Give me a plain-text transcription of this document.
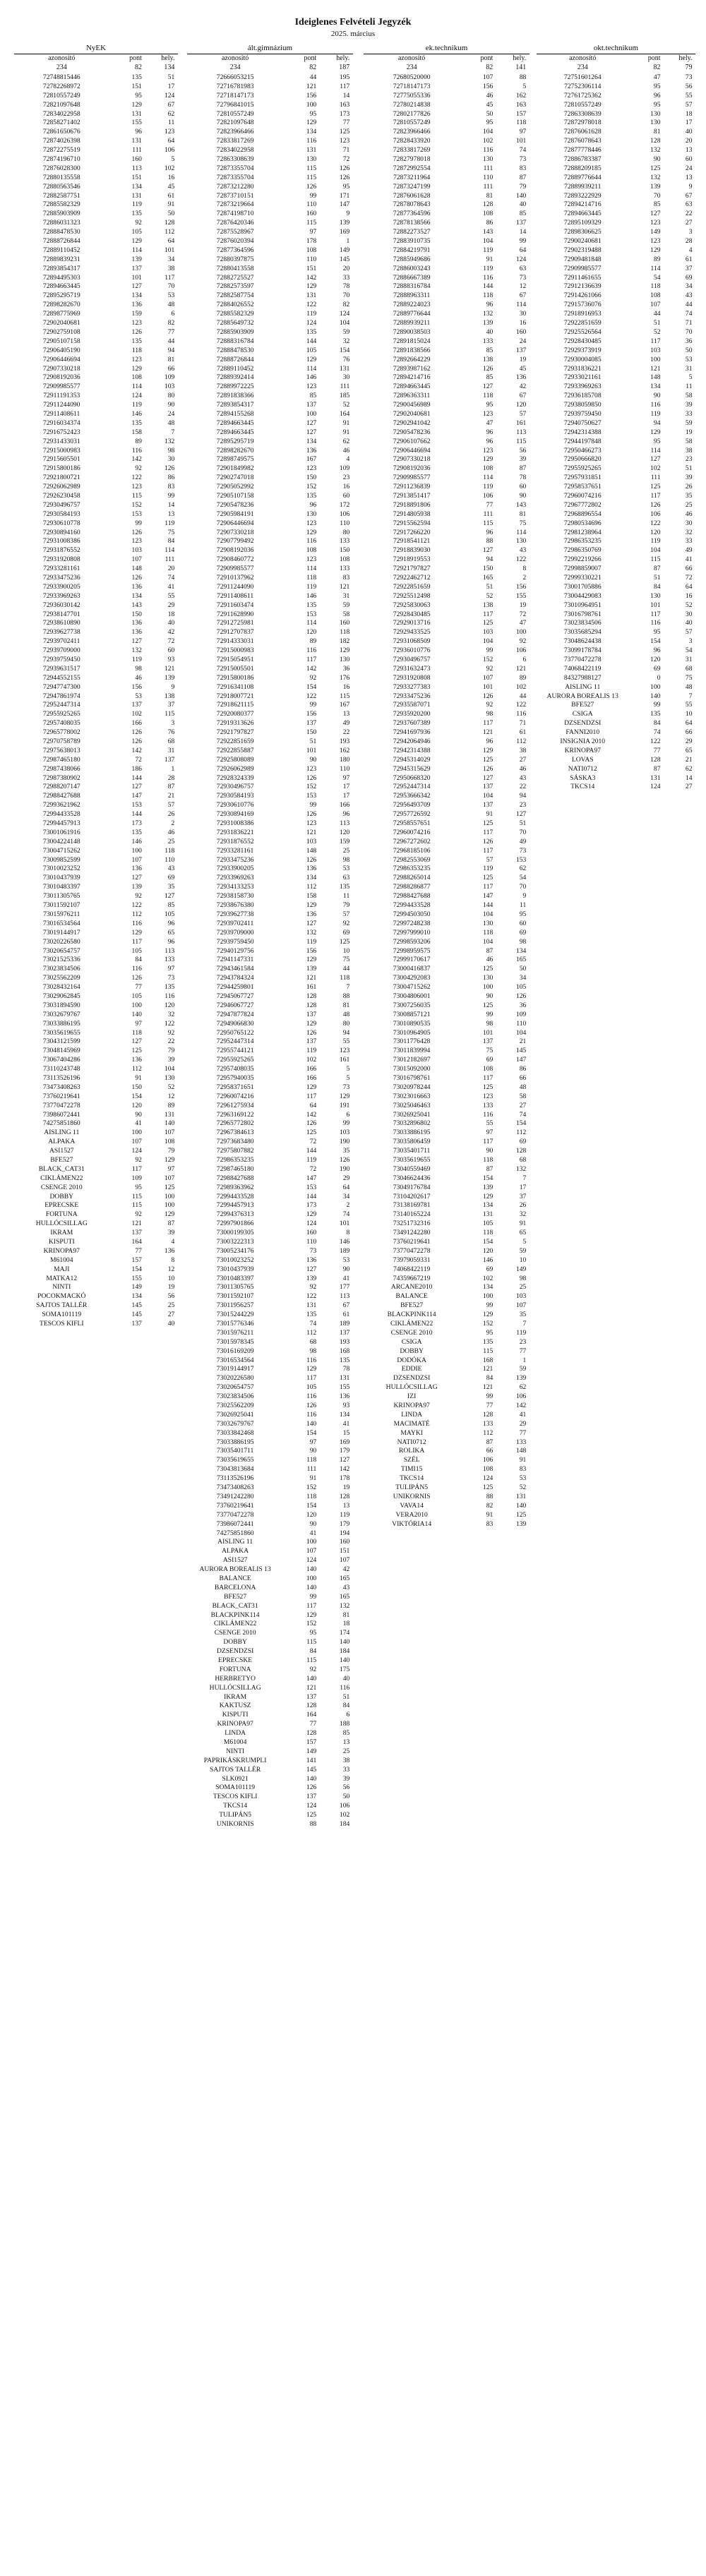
Ideiglenes Felvételi Jegyzék
2025. március
NyEK
azonosító	pont	hely.
234	82	134
72748815446	135	51
72782268972	151	17
72810557249	95	124
72821097648	129	67
72834022958	131	62
72858271402	155	11
72861650676	96	123
72874026398	131	64
72872275519	111	106
72874196710	160	5
72876028300	113	102
72880135558	151	16
72880563546	134	45
72882587751	131	61
72885582329	119	91
72885903909	135	50
72886031323	92	128
72888478530	105	112
72888726844	129	64
72889110452	114	101
72889839231	139	34
72893854317	137	38
72894495303	101	117
72894663445	127	70
72895295719	134	53
72898282670	136	48
72898775969	159	6
72902040681	123	82
72902759108	126	77
72905107158	135	44
72906405190	118	94
72906446694	123	81
72907330218	129	66
72908192036	108	109
72909985577	114	103
72911191353	124	80
72911244090	119	90
72911408611	146	24
72916034374	135	48
72916752423	158	7
72931433031	89	132
72915000983	116	98
72915605501	142	30
72915800186	92	126
72921800721	122	86
72926062989	123	83
72926230458	115	99
72930496757	152	14
72930584193	153	13
72930610778	99	119
72930894160	126	75
72931008386	123	84
72931876552	103	114
72931920808	107	111
72933281161	148	20
72933475236	126	74
72933900205	136	41
72933969263	134	55
72936030142	143	29
72938147701	150	18
72938610890	136	40
72939627738	136	42
72939702411	127	72
72939709000	132	60
72939759450	119	93
72939631517	98	121
72944552155	46	139
72947747300	156	9
72947861974	53	138
72952447314	137	37
72955925265	102	115
72957408035	166	3
72965778002	126	76
72970758789	126	68
72975638013	142	31
72987465180	72	137
72987438066	186	1
72987380902	144	28
72988207147	127	87
72988427688	147	21
72993621962	153	57
72994433528	144	26
72994457913	173	2
73001061916	135	46
73004224148	146	25
73004715262	100	118
73009852599	107	110
73010023252	136	43
73010437939	127	69
73010483397	139	35
73011305765	92	127
73011592107	122	85
73015976211	112	105
73016534564	116	96
73019144917	129	65
73020226580	117	96
73020654757	105	113
73021525336	84	133
73023834506	116	97
73025562209	126	73
73028432164	77	135
73029062845	105	116
73031894590	100	120
73032679767	140	32
73033886195	97	122
73035619655	118	92
73043121599	127	22
73048145969	125	79
73067404286	136	39
73110243748	112	104
73113526196	91	130
73473408263	150	52
73760219641	154	12
73770472278	120	89
73986072441	90	131
74275851860	41	140
AISLING 11	100	107
ALPAKA	107	108
ASI1527	124	79
BFE527	92	129
BLACK_CAT31	117	97
CIKLÁMEN22	109	107
CSENGE 2010	95	125
DOBBY	115	100
EPRECSKE	115	100
FORTUNA	92	129
HULLÓCSILLAG	121	87
IKRAM	137	39
KISPUTI	164	4
KRINOPA97	77	136
M61004	157	8
MAJI	154	12
MATKA12	155	10
NINTI	149	19
POCOKMACKÓ	134	56
SAJTOS TALLÉR	145	25
SOMA101119	145	27
TESCOS KIFLI	137	40
ált.gimnázium
azonosító	pont	hely.
234	82	187
72666053215	44	195
72716781983	121	117
72718147173	156	14
72796841015	100	163
72810557249	95	173
72821097648	129	77
72823966466	134	125
72833817269	116	123
72834022958	131	71
72863308639	130	72
72873355704	115	126
72873355704	115	126
72873212280	126	95
72873710151	99	171
72873219664	110	147
72874198710	160	9
72876420346	115	139
72875528967	97	169
72876020394	178	1
72877364596	108	149
72880397875	110	145
72880413558	151	20
72882725527	142	33
72882573597	129	78
72882587754	131	70
72884026552	122	82
72885582329	119	124
72885649732	124	104
72885903909	135	59
72888316784	144	32
72888478530	105	154
72888726844	129	76
72889110452	114	131
72889392414	146	30
72889972225	123	111
72891838366	85	185
72893854317	137	52
72894155268	100	164
72894663445	127	91
72894663445	127	91
72895295719	134	62
72898282670	136	46
72898749575	167	4
72901849982	123	109
72902747018	150	23
72905052992	152	16
72905107158	135	60
72905478236	96	172
72905984191	130	106
72906446694	123	110
72907330218	129	80
72907799492	116	133
72908192036	108	150
72908460772	123	108
72909985577	114	133
72910137962	118	83
72911244090	119	121
72911408611	146	31
72911603474	135	59
72911628990	153	58
72912725981	114	160
72912707837	120	118
72914333031	89	182
72915000983	116	129
72915054951	117	130
72915005501	142	36
72915800186	92	176
72916341108	154	16
72918007721	122	115
72918621115	99	167
72920080377	156	13
72919313626	137	49
72921797827	150	22
72922851659	51	193
72922855887	101	162
72925808089	90	180
72926062989	123	110
72928324339	126	97
72930496757	152	17
72930584193	153	17
72930610776	99	166
72930894169	126	96
72931008386	123	113
72931836221	121	120
72931876552	103	159
72933281161	148	25
72933475236	126	98
72933900205	136	53
72933969263	134	63
72934133253	112	135
72938158730	158	11
72938676380	129	79
72939627738	136	57
72939702411	127	92
72939709000	132	69
72939759450	119	125
72940129756	156	10
72941147331	129	75
72943461584	139	44
72943784324	121	118
72944259801	161	7
72945067727	128	88
72946067727	128	81
72947877824	137	48
72949066830	129	80
72950765122	126	94
72952447314	137	55
72955744121	119	123
72955925265	102	161
72957408035	166	5
72957940035	166	5
72958371651	129	73
72960074216	117	129
72961275934	64	191
72963169122	142	6
72965772802	126	99
72967384613	125	103
72973683480	72	190
72975807882	144	35
72986353235	119	126
72987465180	72	190
72988427688	147	29
72989363962	153	64
72994433528	144	34
72994457913	173	2
72994376313	129	74
72997901866	124	101
73000199305	160	8
73003222313	110	146
73005234176	73	189
73010023252	136	53
73010437939	127	90
73010483397	139	41
73011305765	92	177
73011592107	122	113
73011956257	131	67
73015244229	135	61
73015776346	74	189
73015976211	112	137
73015978345	68	193
73016169209	98	168
73016534564	116	135
73019144917	129	78
73020226580	117	131
73020654757	105	155
73023834506	116	136
73025562209	126	93
73026925041	116	134
73032679767	140	41
73033842468	154	15
73033886195	97	169
73035401711	90	179
73035619655	118	127
73043813684	111	142
73113526196	91	178
73473408263	152	19
73491242280	118	128
73760219641	154	13
73770472278	120	119
73986072441	90	179
74275851860	41	194
AISLING 11	100	160
ALPAKA	107	151
ASI1527	124	107
AURORA BOREALIS 13	140	42
BALANCE	100	165
BARCELONA	140	43
BFE527	99	165
BLACK_CAT31	117	132
BLACKPINK114	129	81
CIKLÁMEN22	152	18
CSENGE 2010	95	174
DOBBY	115	140
DZSENDZSI	84	184
EPRECSKE	115	140
FORTUNA	92	175
HERBRETYO	140	40
HULLÓCSILLAG	121	116
IKRAM	137	51
KAKTUSZ	128	84
KISPUTI	164	6
KRINOPA97	77	188
LINDA	128	85
M61004	157	13
NINTI	149	25
PAPRIKÁSKRUMPLI	141	38
SAJTOS TALLÉR	145	33
SLK0921	140	39
SOMA101119	126	56
TESCOS KIFLI	137	50
TKCS14	124	106
TULIPÁN5	125	102
UNIKORNIS	88	184
ek.technikum
azonosító	pont	hely.
234	82	141
72680520000	107	88
72718147173	156	5
72775055336	46	162
72780214838	45	163
72802177826	50	157
72810557249	95	118
72823966466	104	97
72828433920	102	101
72833817269	116	74
72827978018	130	73
72872992554	111	83
72873211964	110	87
72873247199	111	79
72876061628	81	140
72878078643	128	40
72877364596	108	85
72878138566	86	137
72882273527	143	14
72883910735	104	99
72884219791	119	64
72885949686	91	124
72886003243	119	63
72886667389	116	73
72888316784	144	12
72888963311	118	67
72889224023	96	114
72889776644	132	30
72889939211	139	16
72890038503	40	160
72891815024	133	24
72891838566	85	137
72892664229	138	19
72893987162	126	45
72894214716	85	136
72894663445	127	42
72896363311	118	67
72900456989	95	120
72902040681	123	57
72902941042	47	161
72905478236	96	113
72906107662	96	115
72906446694	123	56
72907330218	129	39
72908192036	108	87
72909985577	114	78
72911236839	119	60
72913851417	106	90
72918891806	77	143
72914805938	111	81
72915562594	115	75
72917266220	96	114
72918541121	88	130
72918839030	127	43
72918919553	94	122
72921797827	150	8
72922462712	165	2
72922851659	51	156
72925512498	52	155
72925830063	138	19
72928430485	117	72
72929013716	125	47
72929433525	103	100
72931068509	104	92
72936010776	99	106
72930496757	152	6
72931632473	92	121
72931920808	107	89
72933277383	101	102
72933475236	126	44
72935587071	92	122
72935920200	98	116
72937607389	117	71
72941697936	121	61
72942064946	96	112
72942314388	129	38
72945314029	125	27
72945315629	126	46
72950668320	127	43
72952447314	137	22
72953666342	104	94
72956493709	137	23
72957726592	91	127
72958557651	125	51
72960074216	117	70
72967272602	126	49
72968185106	117	73
72982553069	57	153
72986353235	119	62
72988265014	125	54
72988286877	117	70
72988427688	147	9
72994433528	144	11
72994503050	104	95
72997248238	130	60
72997999010	118	69
72998593206	104	98
72998959575	87	134
72999170617	46	165
73000416837	125	50
73004292083	130	34
73004715262	100	105
73004806001	90	126
73007256035	125	36
73008857121	99	109
73010890535	98	110
73010964905	101	104
73011776428	137	21
73011839994	75	145
73012182697	69	147
73015092000	108	86
73016798761	117	66
73020978244	125	48
73023016663	123	58
73025046463	133	27
73026925041	116	74
73032896802	55	154
73033886195	97	112
73035806459	117	69
73035401711	90	128
73035619655	118	68
73040559469	87	132
73046624436	154	7
73049176784	139	17
73104202617	129	37
73138169781	134	26
73140165224	131	32
73251732316	105	91
73491242280	118	65
73760219641	154	5
73770472278	120	59
73979059331	146	10
74068422119	69	149
74359667219	102	98
ARCANE2010	134	25
BALANCE	100	103
BFE527	99	107
BLACKPINK114	129	35
CIKLÁMEN22	152	7
CSENGE 2010	95	119
CSIGA	135	23
DOBBY	115	77
DODÓKA	168	1
EDDIE	121	59
DZSENDZSI	84	139
HULLÓCSILLAG	121	62
IZI	99	106
KRINOPA97	77	142
LINDA	128	41
MACIMATÉ	133	29
MAYKI	112	77
NATI0712	87	133
ROLIKA	66	148
SZÉL	106	91
TIMI15	108	83
TKCS14	124	53
TULIPÁN5	125	52
UNIKORNIS	88	131
VAVA14	82	140
VERA2010	91	125
VIKTÓRIA14	83	139
okt.technikum
azonosító	pont	hely.
234	82	79
72751601264	47	73
72752306114	95	56
72761725362	96	55
72810557249	95	57
72863308639	130	18
72872978018	130	17
72876061628	81	40
72876078643	128	20
72877778446	132	13
72886783387	90	60
72888209185	125	24
72889776644	132	13
72889939211	139	9
72893222929	70	67
72894214716	85	63
72894663445	127	22
72895109329	123	27
72898306625	149	3
72900240681	123	28
72902319488	129	4
72909481848	89	61
72909985577	114	37
72911461655	54	69
72912136639	118	34
72914261066	108	43
72915736076	107	44
72918916953	44	74
72922851659	51	71
72925526564	52	70
72928430485	117	36
72929373919	103	50
72930004085	100	53
72931836221	121	31
72933021161	148	5
72933969263	134	11
72936185708	90	58
72938059850	116	39
72939759450	119	33
72940750627	94	59
72942314388	129	19
72944197848	95	58
72950466273	114	38
72950666820	127	23
72955925265	102	51
72957931851	111	39
72958537651	125	26
72960074216	117	35
72967772802	126	25
72968896554	106	46
72980534696	122	30
72981238964	120	32
72986353235	119	33
72986350769	104	49
72992219266	115	41
72998859007	87	66
72999330221	51	72
73001705886	84	64
73004429083	130	16
73010964951	101	52
73016798761	117	30
73023834506	116	40
73035685294	95	57
73048624438	154	3
73099178784	96	54
73770472278	120	31
74068422119	69	68
84327988127	0	75
AISLING 11	100	48
AURORA BOREALIS 13	140	7
BFE527	99	55
CSIGA	135	10
DZSENDZSI	84	64
FANNI2010	74	66
INSIGNIA 2010	122	29
KRINOPA97	77	65
LOVAS	128	21
NATI0712	87	62
SÁSKA3	131	14
TKCS14	124	27
